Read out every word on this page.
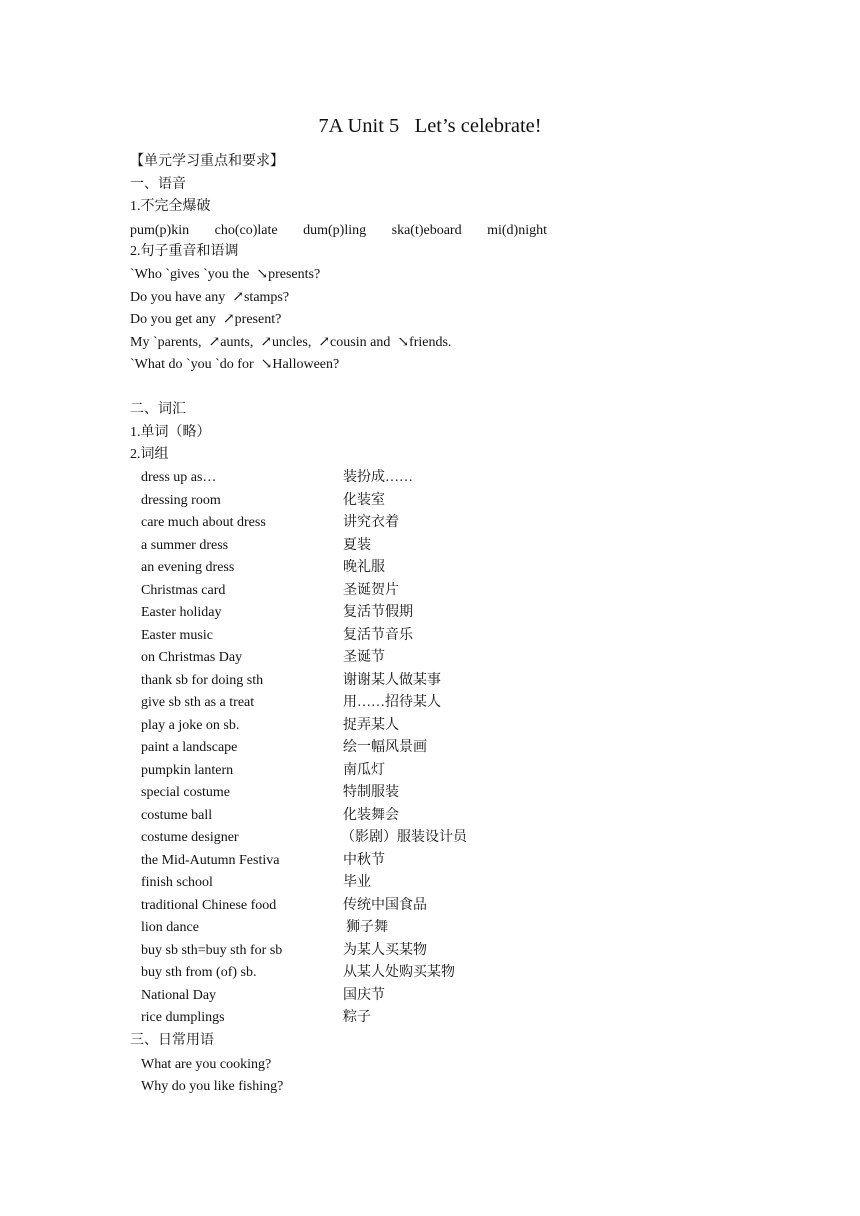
7A Unit 5   Let’s celebrate!
【单元学习重点和要求】
一、语音
1.不完全爆破
pum(p)kin cho(co)late dum(p)ling ska(t)eboard mi(d)night
2.句子重音和语调
`Who `gives `you the  ↘presents?
Do you have any  ↗stamps?
Do you get any  ↗present?
My `parents,  ↗aunts,  ↗uncles,  ↗cousin and  ↘friends.
`What do `you `do for  ↘Halloween?
二、词汇
1.单词（略）
2.词组
dress up as…	装扮成……
dressing room	化装室
care much about dress	讲究衣着
a summer dress	夏装
an evening dress	晚礼服
Christmas card	圣诞贺片
Easter holiday	复活节假期
Easter music	复活节音乐
on Christmas Day	圣诞节
thank sb for doing sth	谢谢某人做某事
give sb sth as a treat	用……招待某人
play a joke on sb.	捉弄某人
paint a landscape	绘一幅风景画
pumpkin lantern	南瓜灯
special costume	特制服装
costume ball	化装舞会
costume designer	（影剧）服装设计员
the Mid-Autumn Festiva	中秋节
finish school	毕业
traditional Chinese food	传统中国食品
lion dance	狮子舞
buy sb sth=buy sth for sb	为某人买某物
buy sth from (of) sb.	从某人处购买某物
National Day	国庆节
rice dumplings	粽子
三、日常用语
What are you cooking?
Why do you like fishing?
